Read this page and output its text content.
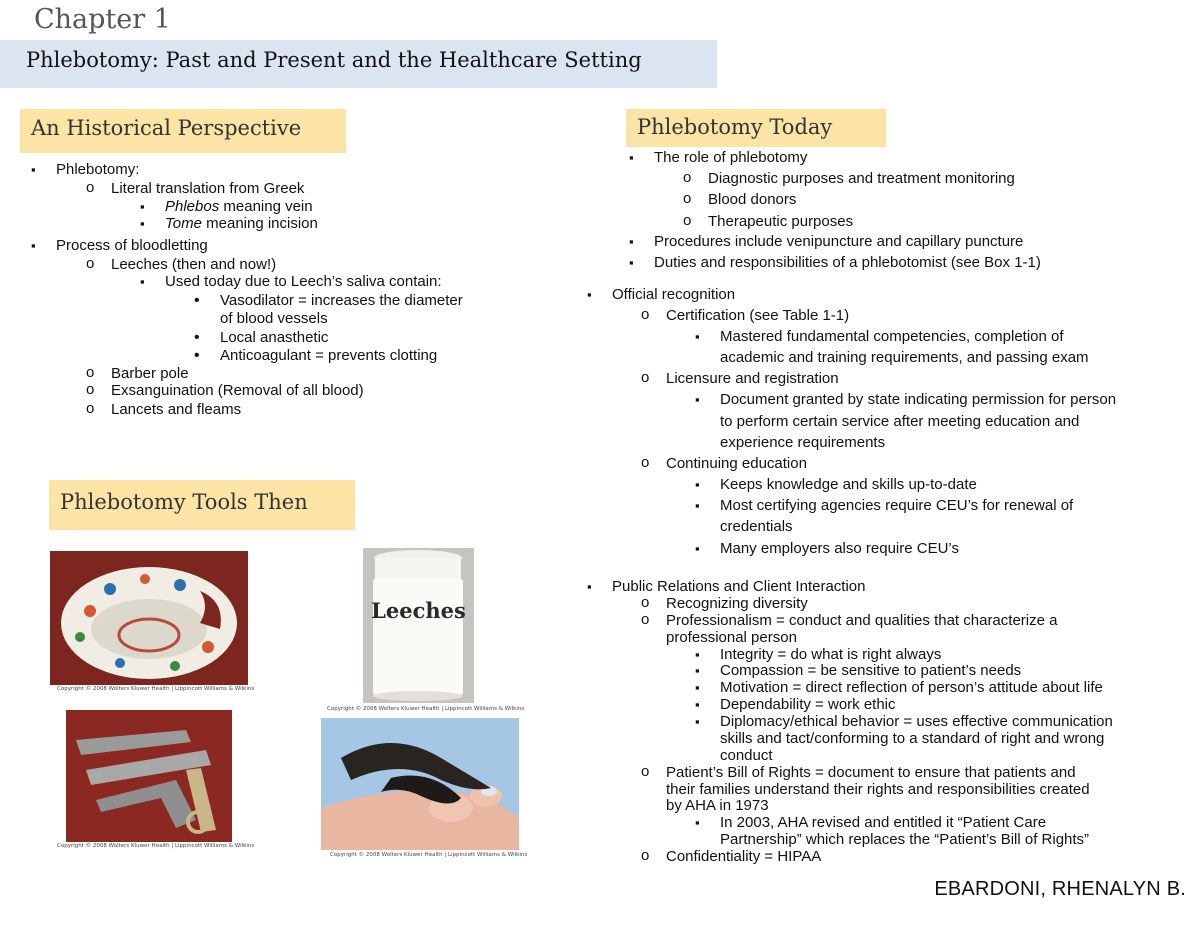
Chapter 1
Phlebotomy: Past and Present and the Healthcare Setting
An Historical Perspective
▪ Phlebotomy:
o Literal translation from Greek
▪ Phlebos meaning vein
▪ Tome meaning incision
▪ Process of bloodletting
o Leeches (then and now!)
▪ Used today due to Leech’s saliva contain:
• Vasodilator = increases the diameter
of blood vessels
• Local anasthetic
• Anticoagulant = prevents clotting
o Barber pole
o Exsanguination (Removal of all blood)
o Lancets and fleams
Phlebotomy Tools Then
Copyright © 2008 Wolters Kluwer Health | Lippincott Williams & Wilkins
Leeches
Copyright © 2008 Wolters Kluwer Health | Lippincott Williams & Wilkins
Copyright © 2008 Wolters Kluwer Health | Lippincott Williams & Wilkins
Copyright © 2008 Wolters Kluwer Health | Lippincott Williams & Wilkins
Phlebotomy Today
▪ The role of phlebotomy
o Diagnostic purposes and treatment monitoring
o Blood donors
o Therapeutic purposes
▪ Procedures include venipuncture and capillary puncture
▪ Duties and responsibilities of a phlebotomist (see Box 1-1)
▪ Official recognition
o Certification (see Table 1-1)
▪ Mastered fundamental competencies, completion of
academic and training requirements, and passing exam
o Licensure and registration
▪ Document granted by state indicating permission for person
to perform certain service after meeting education and
experience requirements
o Continuing education
▪ Keeps knowledge and skills up-to-date
▪ Most certifying agencies require CEU’s for renewal of
credentials
▪ Many employers also require CEU’s
▪ Public Relations and Client Interaction
o Recognizing diversity
o Professionalism = conduct and qualities that characterize a
professional person
▪ Integrity = do what is right always
▪ Compassion = be sensitive to patient’s needs
▪ Motivation = direct reflection of person’s attitude about life
▪ Dependability = work ethic
▪ Diplomacy/ethical behavior = uses effective communication
skills and tact/conforming to a standard of right and wrong
conduct
o Patient’s Bill of Rights = document to ensure that patients and
their families understand their rights and responsibilities created
by AHA in 1973
▪ In 2003, AHA revised and entitled it “Patient Care
Partnership” which replaces the “Patient’s Bill of Rights”
o Confidentiality = HIPAA
EBARDONI, RHENALYN B.
